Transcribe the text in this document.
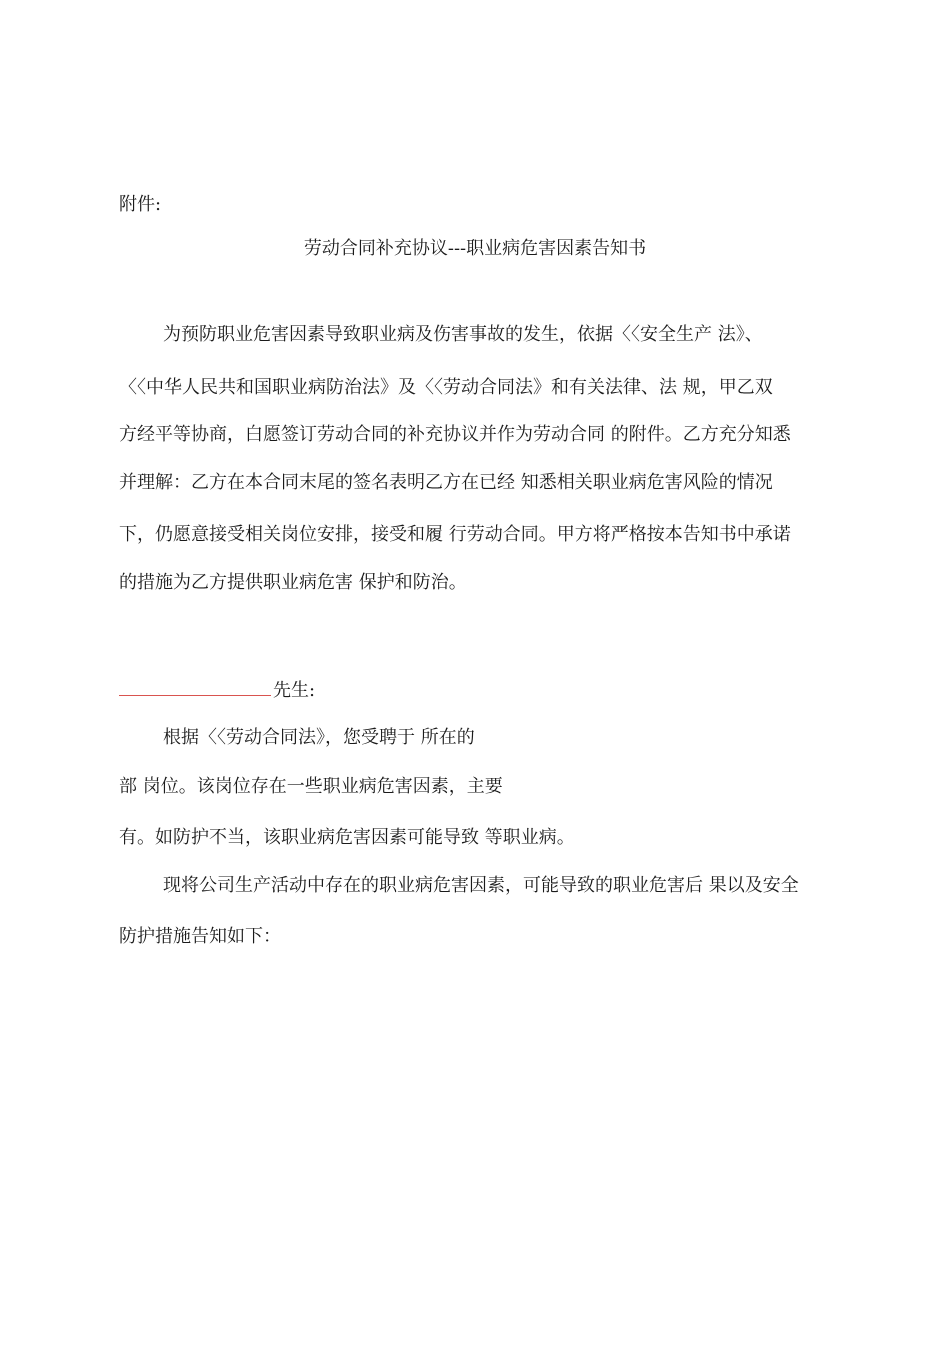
附件:
劳动合同补充协议---职业病危害因素告知书
为预防职业危害因素导致职业病及伤害事故的发生，依据〈〈安全生产 法》、
〈〈中华人民共和国职业病防治法》及〈〈劳动合同法》和有关法律、法 规，甲乙双
方经平等协商，白愿签订劳动合同的补充协议并作为劳动合同 的附件。乙方充分知悉
并理解：乙方在本合同末尾的签名表明乙方在已经 知悉相关职业病危害风险的情况
下，仍愿意接受相关岗位安排，接受和履 行劳动合同。甲方将严格按本告知书中承诺
的措施为乙方提供职业病危害 保护和防治。
先生:
根据〈〈劳动合同法》，您受聘于 所在的
部 岗位。该岗位存在一些职业病危害因素，主要
有。如防护不当，该职业病危害因素可能导致 等职业病。
现将公司生产活动中存在的职业病危害因素，可能导致的职业危害后 果以及安全
防护措施告知如下：
